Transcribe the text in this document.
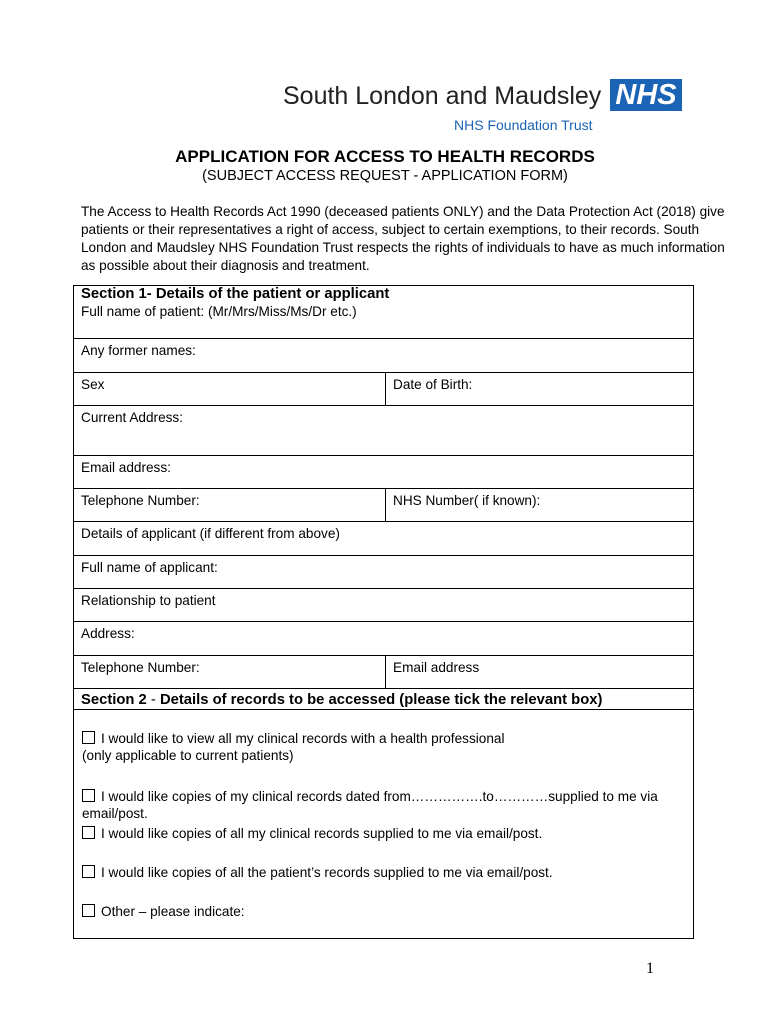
South London and Maudsley NHS
NHS Foundation Trust
APPLICATION FOR ACCESS TO HEALTH RECORDS
(SUBJECT ACCESS REQUEST - APPLICATION FORM)
The Access to Health Records Act 1990 (deceased patients ONLY) and the Data Protection Act (2018) give patients or their representatives a right of access, subject to certain exemptions, to their records. South London and Maudsley NHS Foundation Trust respects the rights of individuals to have as much information as possible about their diagnosis and treatment.
Section 1- Details of the patient or applicant
Full name of patient: (Mr/Mrs/Miss/Ms/Dr etc.)
Any former names:
Sex	Date of Birth:
Current Address:
Email address:
Telephone Number:	NHS Number( if known):
Details of applicant (if different from above)
Full name of applicant:
Relationship to patient
Address:
Telephone Number:	Email address
Section 2 - Details of records to be accessed (please tick the relevant box)
I would like to view all my clinical records with a health professional
(only applicable to current patients)
I would like copies of my clinical records dated from…………….to…………supplied to me via
email/post.
I would like copies of all my clinical records supplied to me via email/post.
I would like copies of all the patient’s records supplied to me via email/post.
Other – please indicate:
1
